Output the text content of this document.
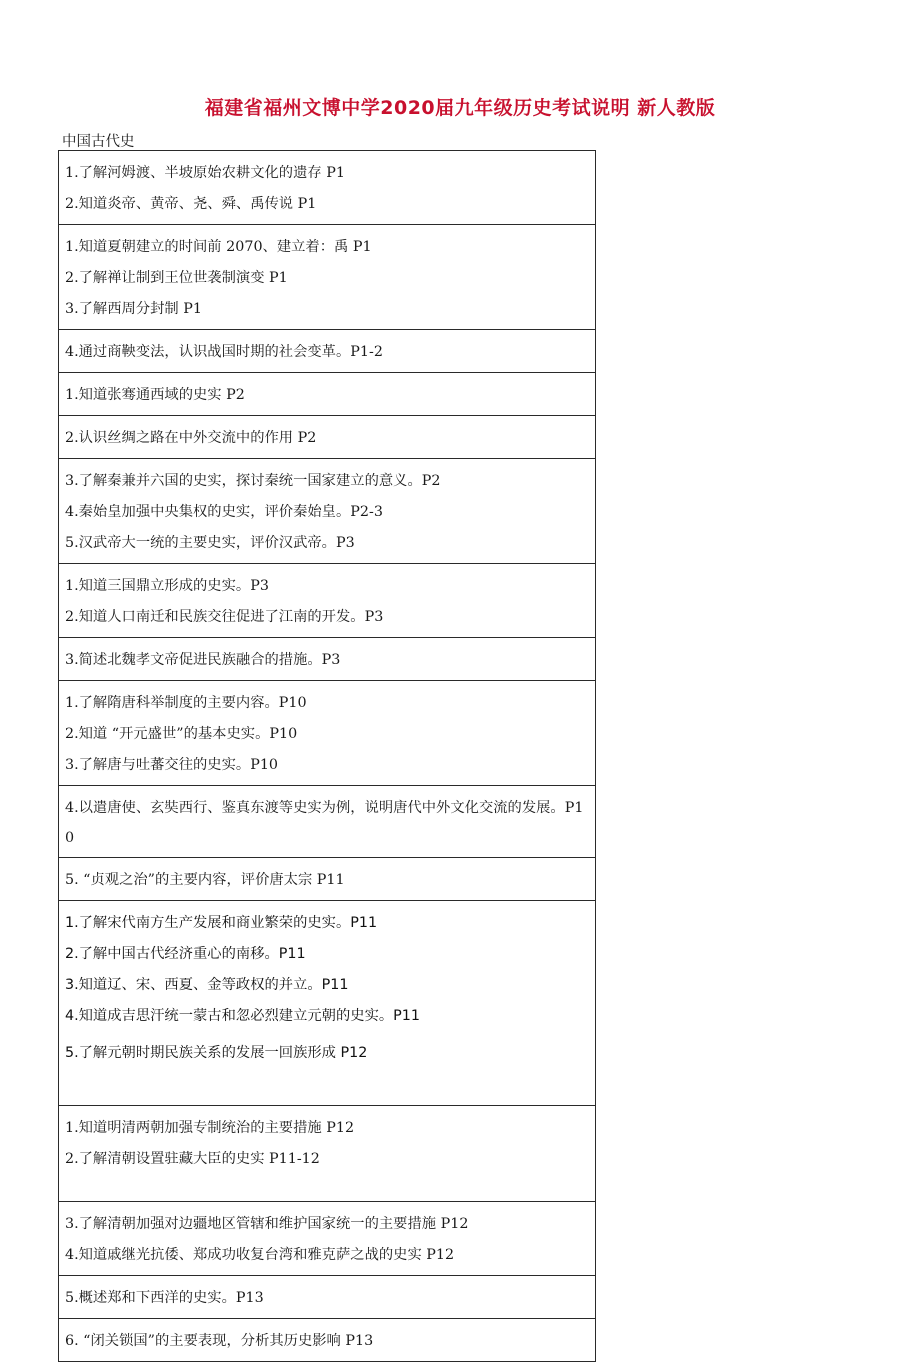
福建省福州文博中学2020届九年级历史考试说明 新人教版
中国古代史
1.了解河姆渡、半坡原始农耕文化的遗存 P1
2.知道炎帝、黄帝、尧、舜、禹传说 P1

1.知道夏朝建立的时间前 2070、建立着：禹 P1
2.了解禅让制到王位世袭制演变 P1
3.了解西周分封制 P1

4.通过商鞅变法，认识战国时期的社会变革。P1-2

1.知道张骞通西域的史实 P2

2.认识丝绸之路在中外交流中的作用 P2

3.了解秦兼并六国的史实，探讨秦统一国家建立的意义。P2
4.秦始皇加强中央集权的史实，评价秦始皇。P2-3
5.汉武帝大一统的主要史实，评价汉武帝。P3

1.知道三国鼎立形成的史实。P3
2.知道人口南迁和民族交往促进了江南的开发。P3

3.简述北魏孝文帝促进民族融合的措施。P3

1.了解隋唐科举制度的主要内容。P10
2.知道 “开元盛世”的基本史实。P10
3.了解唐与吐蕃交往的史实。P10

4.以遣唐使、玄奘西行、鉴真东渡等史实为例，说明唐代中外文化交流的发展。P10

5. “贞观之治”的主要内容，评价唐太宗 P11

1.了解宋代南方生产发展和商业繁荣的史实。P11
2.了解中国古代经济重心的南移。P11
3.知道辽、宋、西夏、金等政权的并立。P11
4.知道成吉思汗统一蒙古和忽必烈建立元朝的史实。P11
5.了解元朝时期民族关系的发展一回族形成 P12

1.知道明清两朝加强专制统治的主要措施 P12
2.了解清朝设置驻藏大臣的史实 P11-12

3.了解清朝加强对边疆地区管辖和维护国家统一的主要措施 P12
4.知道戚继光抗倭、郑成功收复台湾和雅克萨之战的史实 P12

5.概述郑和下西洋的史实。P13

6. “闭关锁国”的主要表现，分析其历史影响 P13
